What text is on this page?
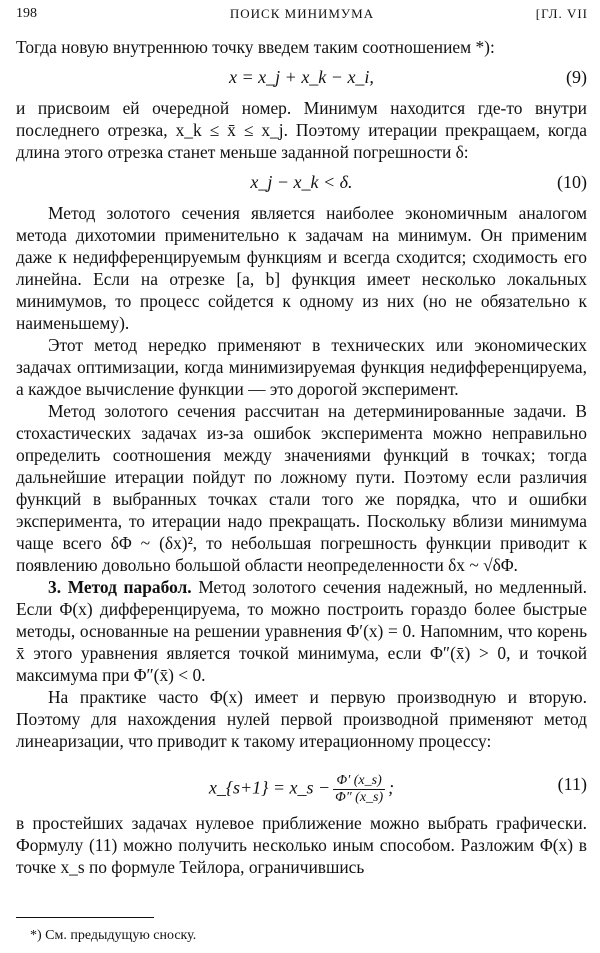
198	ПОИСК МИНИМУМА	[ГЛ. VII

Тогда новую внутреннюю точку введем таким соотношением *):

x = x_j + x_k − x_i,	(9)

и присвоим ей очередной номер. Минимум находится где-то внутри последнего отрезка, x_k ≤ x̄ ≤ x_j. Поэтому итерации прекращаем, когда длина этого отрезка станет меньше заданной погрешности δ:

x_j − x_k < δ.	(10)

Метод золотого сечения является наиболее экономичным аналогом метода дихотомии применительно к задачам на минимум. Он применим даже к недифференцируемым функциям и всегда сходится; сходимость его линейна. Если на отрезке [a, b] функция имеет несколько локальных минимумов, то процесс сойдется к одному из них (но не обязательно к наименьшему).

Этот метод нередко применяют в технических или экономических задачах оптимизации, когда минимизируемая функция недифференцируема, а каждое вычисление функции — это дорогой эксперимент.

Метод золотого сечения рассчитан на детерминированные задачи. В стохастических задачах из-за ошибок эксперимента можно неправильно определить соотношения между значениями функций в точках; тогда дальнейшие итерации пойдут по ложному пути. Поэтому если различия функций в выбранных точках стали того же порядка, что и ошибки эксперимента, то итерации надо прекращать. Поскольку вблизи минимума чаще всего δΦ ~ (δx)², то небольшая погрешность функции приводит к появлению довольно большой области неопределенности δx ~ √δΦ.

3. Метод парабол. Метод золотого сечения надежный, но медленный. Если Φ(x) дифференцируема, то можно построить гораздо более быстрые методы, основанные на решении уравнения Φ′(x) = 0. Напомним, что корень x̄ этого уравнения является точкой минимума, если Φ″(x̄) > 0, и точкой максимума при Φ″(x̄) < 0.

На практике часто Φ(x) имеет и первую производную и вторую. Поэтому для нахождения нулей первой производной применяют метод линеаризации, что приводит к такому итерационному процессу:

x_{s+1} = x_s − $\frac{\Phi' (x\_s)}{\Phi'' (x\_s)}$ ;	(11)

в простейших задачах нулевое приближение можно выбрать графически. Формулу (11) можно получить несколько иным способом. Разложим Φ(x) в точке x_s по формуле Тейлора, ограничившись

*) См. предыдущую сноску.
